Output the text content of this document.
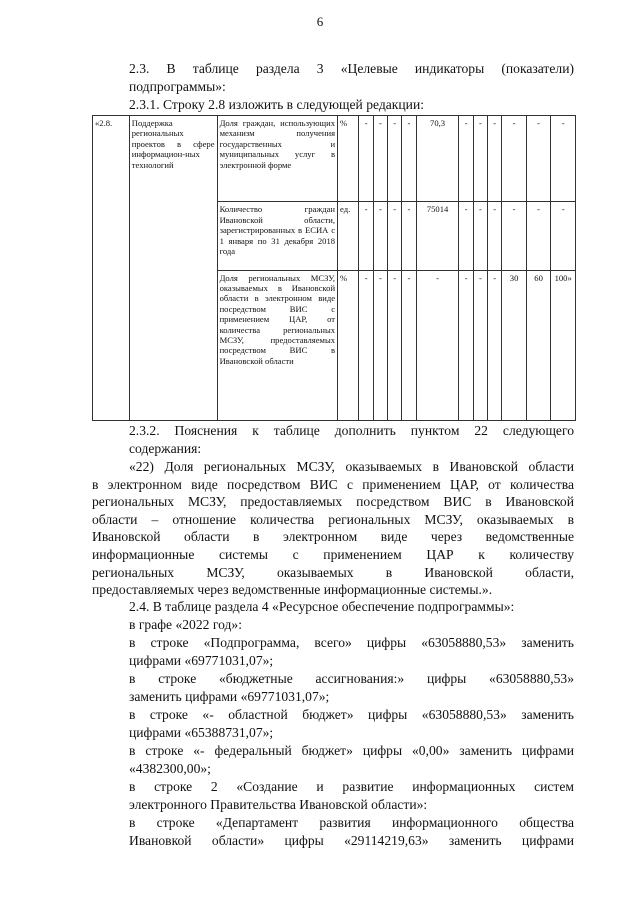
6
2.3. В таблице раздела 3 «Целевые индикаторы (показатели)
подпрограммы»:
2.3.1. Строку 2.8 изложить в следующей редакции:
«2.8.	Поддержка региональных проектов в сфере информацион-ных технологий	Доля граждан, использующих механизм получения государственных и муниципальных услуг в электронной форме	%	-	-	-	-	70,3	-	-	-	-	-	-
		Количество граждан Ивановской области, зарегистрированных в ЕСИА с 1 января по 31 декабря 2018 года	ед.	-	-	-	-	75014	-	-	-	-	-	-
		Доля региональных МСЗУ, оказываемых в Ивановской области в электронном виде посредством ВИС с применением ЦАР, от количества региональных МСЗУ, предоставляемых посредством ВИС в Ивановской области	%	-	-	-	-	-	-	-	-	30	60	100»
2.3.2. Пояснения к таблице дополнить пунктом 22 следующего
содержания:
«22) Доля региональных МСЗУ, оказываемых в Ивановской области
в электронном виде посредством ВИС с применением ЦАР, от количества
региональных МСЗУ, предоставляемых посредством ВИС в Ивановской
области – отношение количества региональных МСЗУ, оказываемых в
Ивановской области в электронном виде через ведомственные
информационные системы с применением ЦАР к количеству
региональных МСЗУ, оказываемых в Ивановской области,
предоставляемых через ведомственные информационные системы.».
2.4. В таблице раздела 4 «Ресурсное обеспечение подпрограммы»:
в графе «2022 год»:
в строке «Подпрограмма, всего» цифры «63058880,53» заменить
цифрами «69771031,07»;
в строке «бюджетные ассигнования:» цифры «63058880,53»
заменить цифрами «69771031,07»;
в строке «- областной бюджет» цифры «63058880,53» заменить
цифрами «65388731,07»;
в строке «- федеральный бюджет» цифры «0,00» заменить цифрами
«4382300,00»;
в строке 2 «Создание и развитие информационных систем
электронного Правительства Ивановской области»:
в строке «Департамент развития информационного общества
Ивановкой области» цифры «29114219,63» заменить цифрами
